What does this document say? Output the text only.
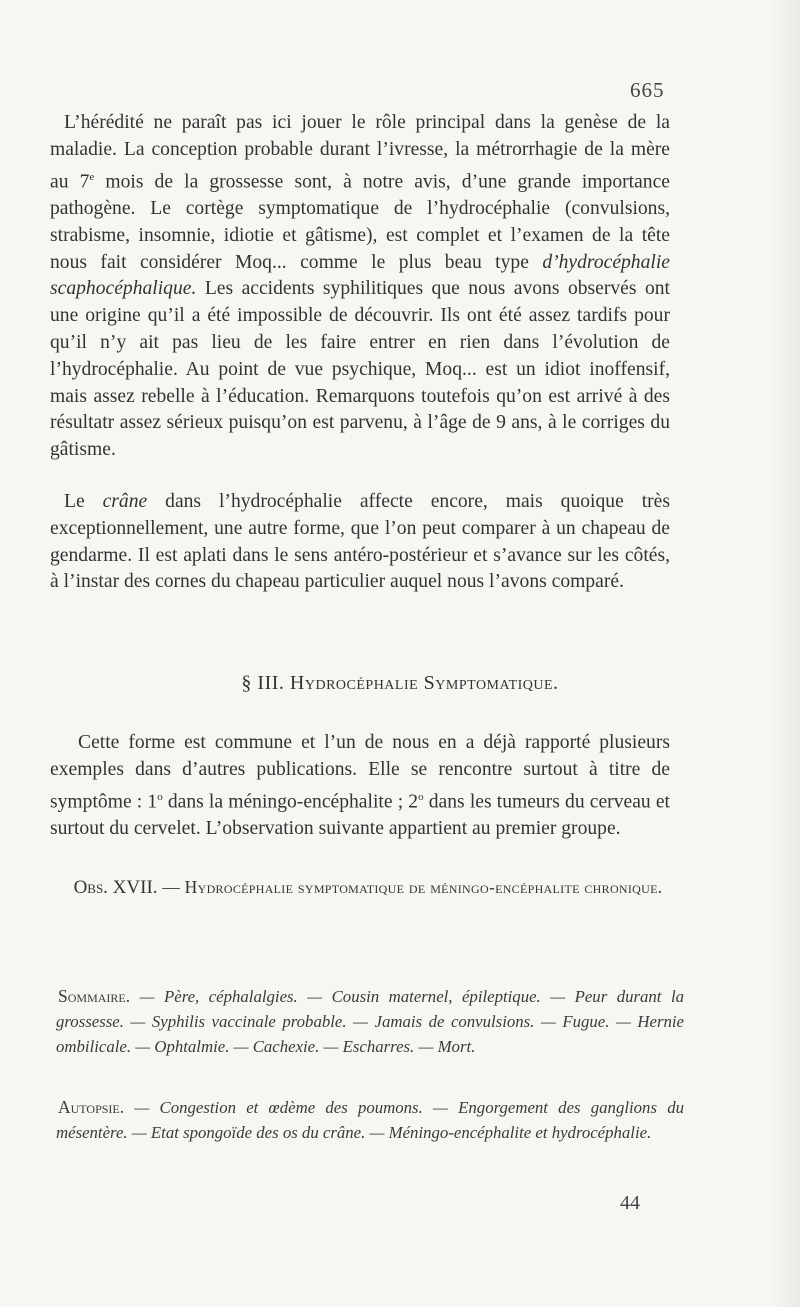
665
L’hérédité ne paraît pas ici jouer le rôle principal dans la genèse de la maladie. La conception probable durant l’ivresse, la métrorrhagie de la mère au 7e mois de la grossesse sont, à notre avis, d’une grande importance pathogène. Le cortège symptomatique de l’hydrocéphalie (convulsions, strabisme, insomnie, idiotie et gâtisme), est complet et l’examen de la tête nous fait considérer Moq... comme le plus beau type d’hydrocéphalie scaphocéphalique. Les accidents syphilitiques que nous avons observés ont une origine qu’il a été impossible de découvrir. Ils ont été assez tardifs pour qu’il n’y ait pas lieu de les faire entrer en rien dans l’évolution de l’hydrocéphalie. Au point de vue psychique, Moq... est un idiot inoffensif, mais assez rebelle à l’éducation. Remarquons toutefois qu’on est arrivé à des résultatr assez sérieux puisqu’on est parvenu, à l’âge de 9 ans, à le corriges du gâtisme.
Le crâne dans l’hydrocéphalie affecte encore, mais quoique très exceptionnellement, une autre forme, que l’on peut comparer à un chapeau de gendarme. Il est aplati dans le sens antéro-postérieur et s’avance sur les côtés, à l’instar des cornes du chapeau particulier auquel nous l’avons comparé.
§ III. Hydrocéphalie Symptomatique.
Cette forme est commune et l’un de nous en a déjà rapporté plusieurs exemples dans d’autres publications. Elle se rencontre surtout à titre de symptôme : 1$^o$ dans la méningo-encéphalite ; 2$^o$ dans les tumeurs du cerveau et surtout du cervelet. L’observation suivante appartient au premier groupe.
Obs. XVII. — Hydrocéphalie symptomatique de méningo-encéphalite chronique.
Sommaire. — Père, céphalalgies. — Cousin maternel, épileptique. — Peur durant la grossesse. — Syphilis vaccinale probable. — Jamais de convulsions. — Fugue. — Hernie ombilicale. — Ophtalmie. — Cachexie. — Escharres. — Mort.
Autopsie. — Congestion et œdème des poumons. — Engorgement des ganglions du mésentère. — Etat spongoïde des os du crâne. — Méningo-encéphalite et hydrocéphalie.
44
